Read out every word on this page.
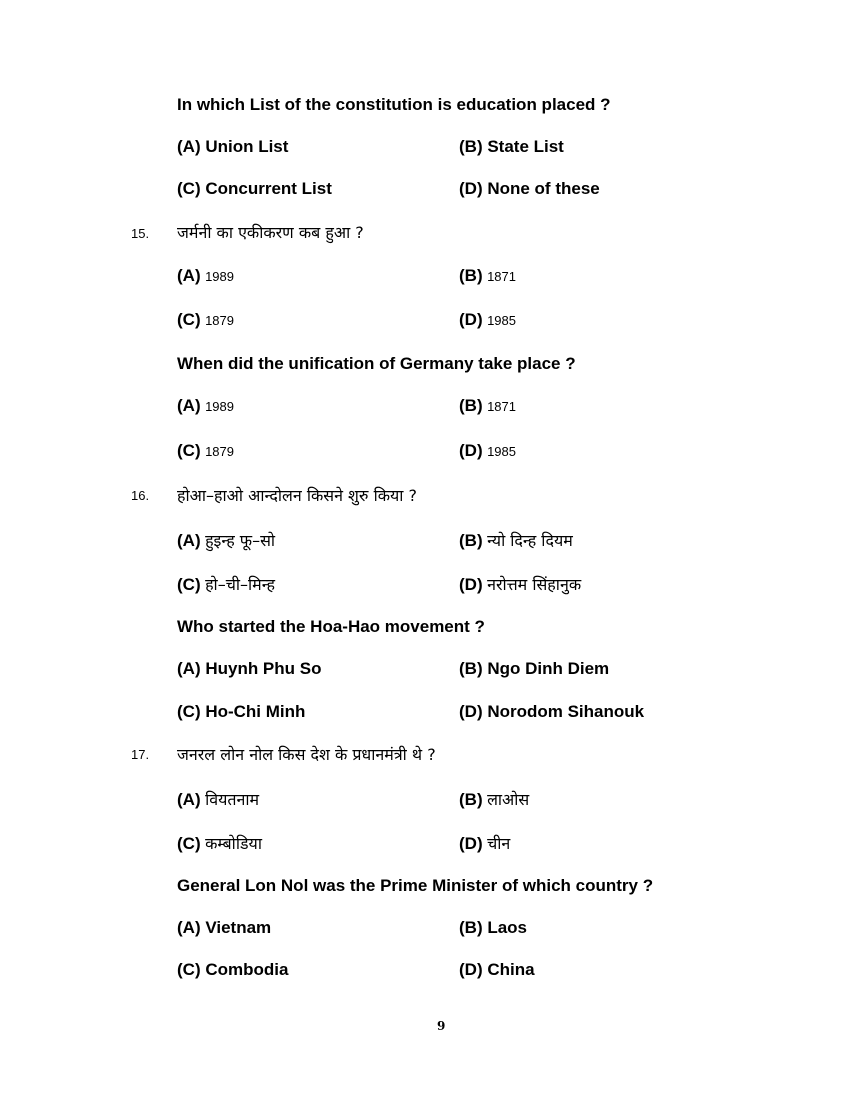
In which List of the constitution is education placed ?
(A) Union List	(B) State List
(C) Concurrent List	(D) None of these
15. जर्मनी का एकीकरण कब हुआ ?
(A) 1989	(B) 1871
(C) 1879	(D) 1985
When did the unification of Germany take place ?
(A) 1989	(B) 1871
(C) 1879	(D) 1985
16. होआ–हाओ आन्दोलन किसने शुरु किया ?
(A) हुइन्ह फू–सो	(B) न्यो दिन्ह दियम
(C) हो–ची–मिन्ह	(D) नरोत्तम सिंहानुक
Who started the Hoa-Hao movement ?
(A) Huynh Phu So	(B) Ngo Dinh Diem
(C) Ho-Chi Minh	(D) Norodom Sihanouk
17. जनरल लोन नोल किस देश के प्रधानमंत्री थे ?
(A) वियतनाम	(B) लाओस
(C) कम्बोडिया	(D) चीन
General Lon Nol was the Prime Minister of which country ?
(A) Vietnam	(B) Laos
(C) Combodia	(D) China
9
